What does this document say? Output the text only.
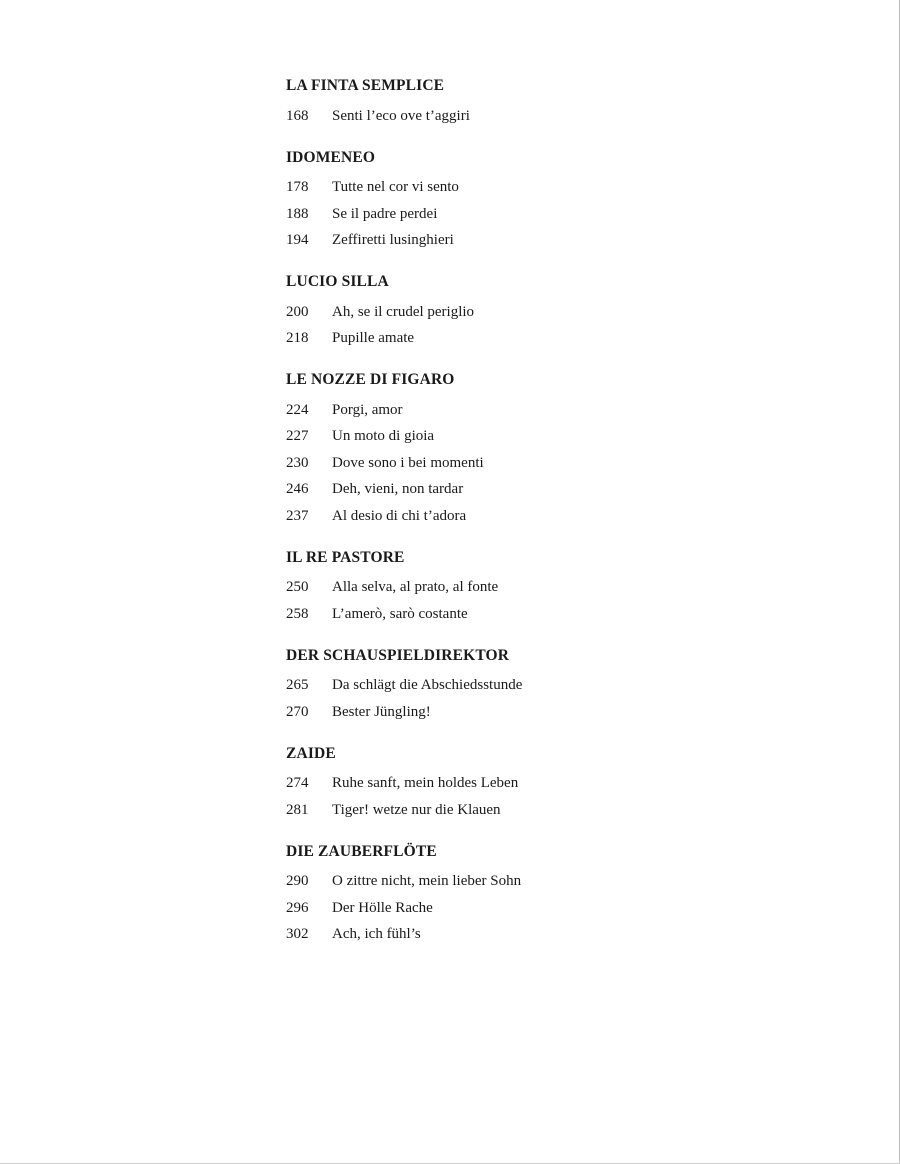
LA FINTA SEMPLICE
168	Senti l’eco ove t’aggiri
IDOMENEO
178	Tutte nel cor vi sento
188	Se il padre perdei
194	Zeffiretti lusinghieri
LUCIO SILLA
200	Ah, se il crudel periglio
218	Pupille amate
LE NOZZE DI FIGARO
224	Porgi, amor
227	Un moto di gioia
230	Dove sono i bei momenti
246	Deh, vieni, non tardar
237	Al desio di chi t’adora
IL RE PASTORE
250	Alla selva, al prato, al fonte
258	L’amerò, sarò costante
DER SCHAUSPIELDIREKTOR
265	Da schlägt die Abschiedsstunde
270	Bester Jüngling!
ZAIDE
274	Ruhe sanft, mein holdes Leben
281	Tiger! wetze nur die Klauen
DIE ZAUBERFLÖTE
290	O zittre nicht, mein lieber Sohn
296	Der Hölle Rache
302	Ach, ich fühl’s
